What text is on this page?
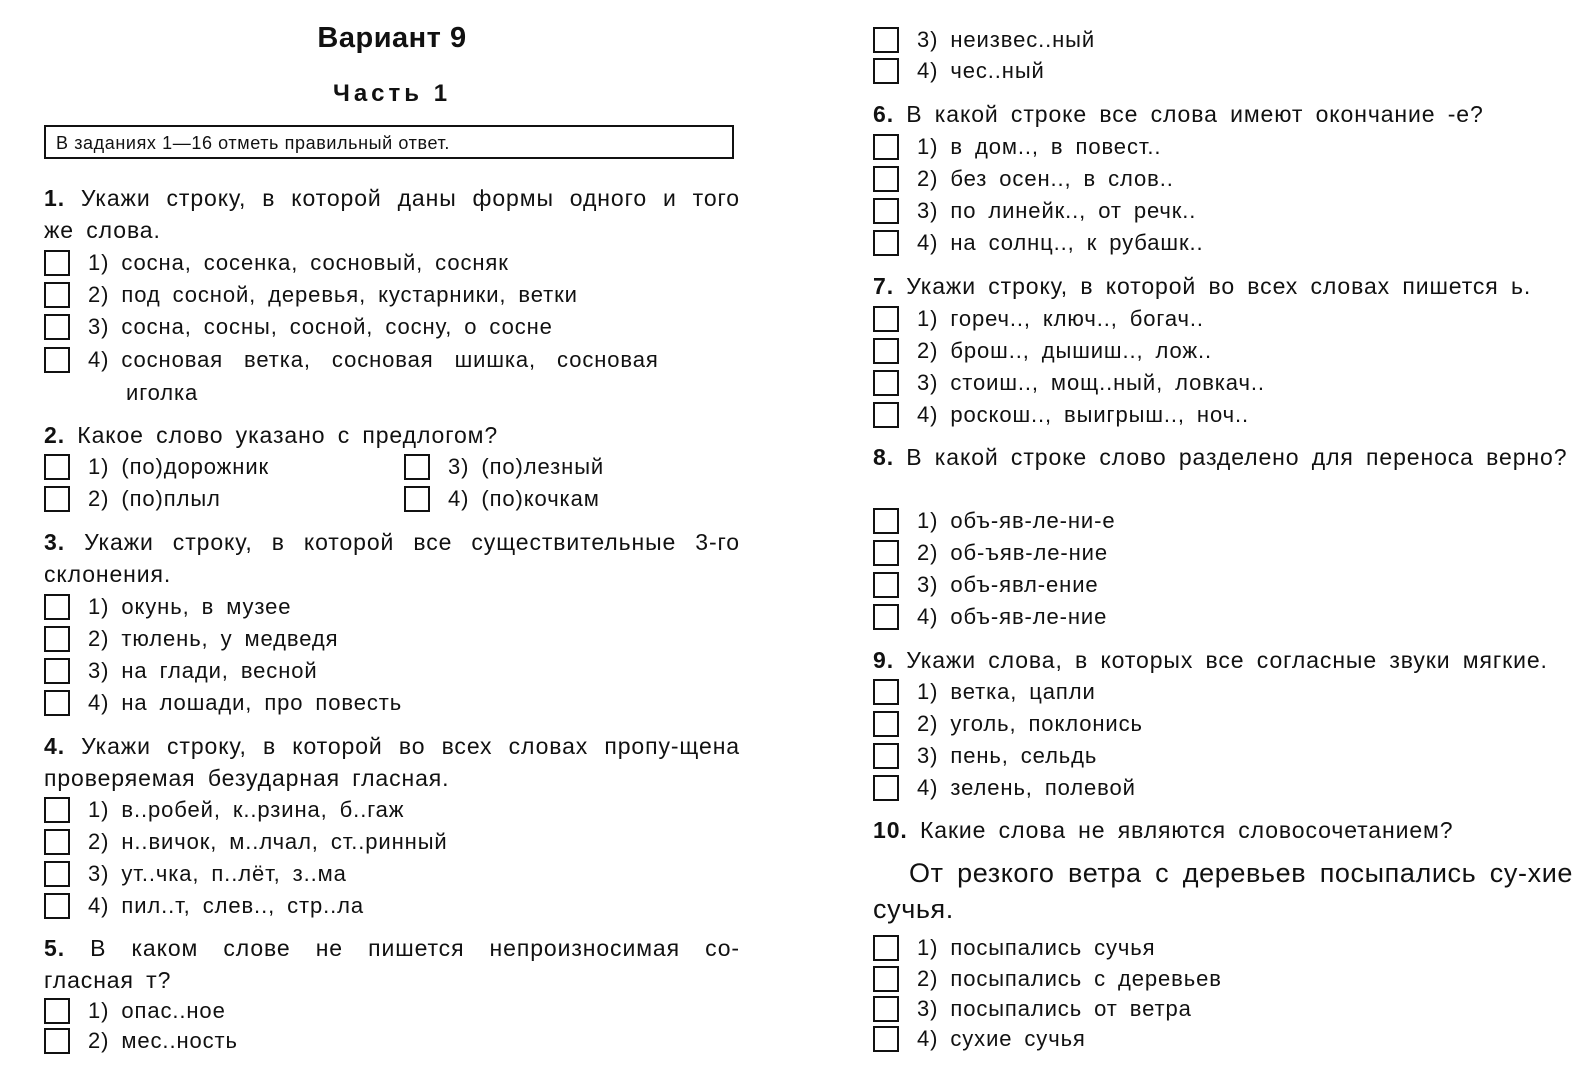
Вариант 9
Часть 1
В заданиях 1—16 отметь правильный ответ.
1. Укажи строку, в которой даны формы одного и того же слова.
1) сосна, сосенка, сосновый, сосняк
2) под сосной, деревья, кустарники, ветки
3) сосна, сосны, сосной, сосну, о сосне
4) сосновая ветка, сосновая шишка, сосновая
иголка
2. Какое слово указано с предлогом?
1) (по)дорожник
2) (по)плыл
3) (по)лезный
4) (по)кочкам
3. Укажи строку, в которой все существительные 3-го склонения.
1) окунь, в музее
2) тюлень, у медведя
3) на глади, весной
4) на лошади, про повесть
4. Укажи строку, в которой во всех словах пропу-щена проверяемая безударная гласная.
1) в..робей, к..рзина, б..гаж
2) н..вичок, м..лчал, ст..ринный
3) ут..чка, п..лёт, з..ма
4) пил..т, слев.., стр..ла
5. В каком слове не пишется непроизносимая со-гласная т?
1) опас..ное
2) мес..ность
3) неизвес..ный
4) чес..ный
6. В какой строке все слова имеют окончание -е?
1) в дом.., в повест..
2) без осен.., в слов..
3) по линейк.., от речк..
4) на солнц.., к рубашк..
7. Укажи строку, в которой во всех словах пишется ь.
1) гореч.., ключ.., богач..
2) брош.., дышиш.., лож..
3) стоиш.., мощ..ный, ловкач..
4) роскош.., выигрыш.., ноч..
8. В какой строке слово разделено для переноса верно?
1) объ-яв-ле-ни-е
2) об-ъяв-ле-ние
3) объ-явл-ение
4) объ-яв-ле-ние
9. Укажи слова, в которых все согласные звуки мягкие.
1) ветка, цапли
2) уголь, поклонись
3) пень, сельдь
4) зелень, полевой
10. Какие слова не являются словосочетанием?
От резкого ветра с деревьев посыпались су-хие сучья.
1) посыпались сучья
2) посыпались с деревьев
3) посыпались от ветра
4) сухие сучья
